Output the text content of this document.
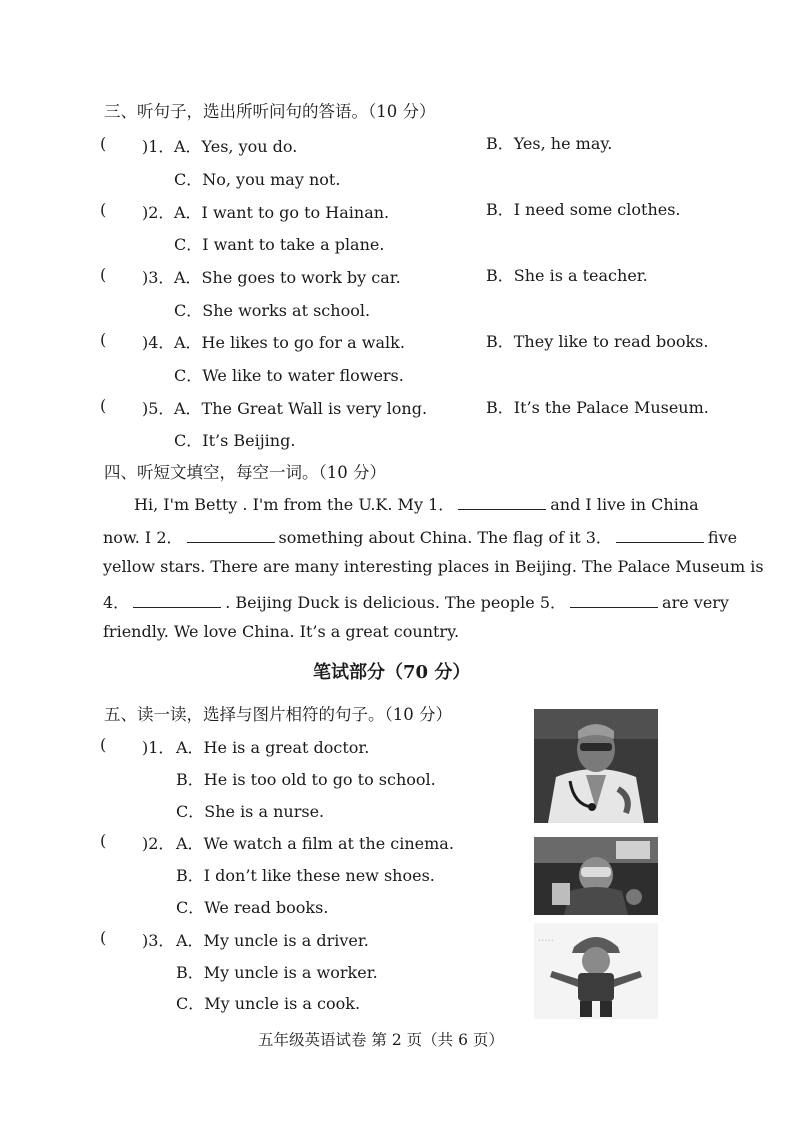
三、听句子，选出所听问句的答语。（10 分）
( )1． A．Yes, you do.	B．Yes, he may.
C．No, you may not.
( )2． A．I want to go to Hainan.	B．I need some clothes.
C．I want to take a plane.
( )3． A．She goes to work by car.	B．She is a teacher.
C．She works at school.
( )4． A．He likes to go for a walk.	B．They like to read books.
C．We like to water flowers.
( )5． A．The Great Wall is very long.	B．It’s the Palace Museum.
C．It’s Beijing.
四、听短文填空，每空一词。（10 分）
Hi, I'm Betty . I'm from the U.K. My 1．	and I live in China
now. I 2．	something about China. The flag of it 3．	five
yellow stars. There are many interesting places in Beijing. The Palace Museum is
4．	. Beijing Duck is delicious. The people 5．	are very
friendly. We love China. It’s a great country.
笔试部分（70 分）
五、读一读，选择与图片相符的句子。（10 分）
( )1． A．He is a great doctor.
B．He is too old to go to school.
C．She is a nurse.
( )2． A．We watch a film at the cinema.
B．I don’t like these new shoes.
C．We read books.
( )3． A．My uncle is a driver.
B．My uncle is a worker.
C．My uncle is a cook.
.....
五年级英语试卷 第 2 页（共 6 页）
